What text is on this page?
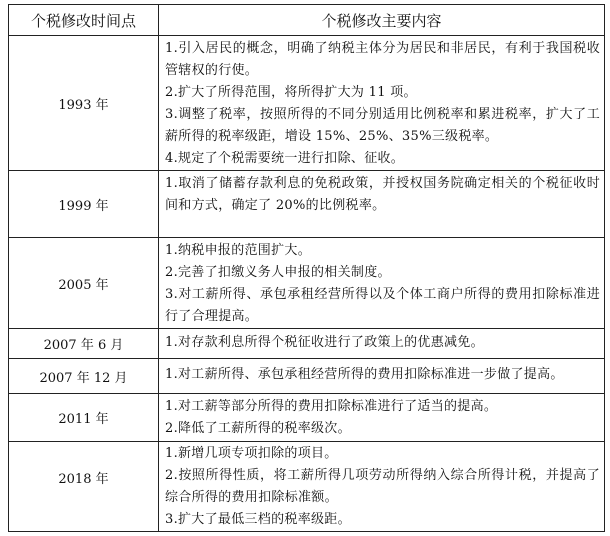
个税修改时间点	个税修改主要内容
1993 年	1.引入居民的概念，明确了纳税主体分为居民和非居民，有利于我国税收管辖权的行使。
2.扩大了所得范围，将所得扩大为 11 项。
3.调整了税率，按照所得的不同分别适用比例税率和累进税率，扩大了工薪所得的税率级距，增设 15%、25%、35%三级税率。
4.规定了个税需要统一进行扣除、征收。

1999 年	1.取消了储蓄存款利息的免税政策，并授权国务院确定相关的个税征收时间和方式，确定了 20%的比例税率。

2005 年	1.纳税申报的范围扩大。
2.完善了扣缴义务人申报的相关制度。
3.对工薪所得、承包承租经营所得以及个体工商户所得的费用扣除标准进行了合理提高。

2007 年 6 月	1.对存款利息所得个税征收进行了政策上的优惠减免。

2007 年 12 月	1.对工薪所得、承包承租经营所得的费用扣除标准进一步做了提高。

2011 年	1.对工薪等部分所得的费用扣除标准进行了适当的提高。
2.降低了工薪所得的税率级次。

2018 年	1.新增几项专项扣除的项目。
2.按照所得性质，将工薪所得几项劳动所得纳入综合所得计税，并提高了综合所得的费用扣除标准额。
3.扩大了最低三档的税率级距。
